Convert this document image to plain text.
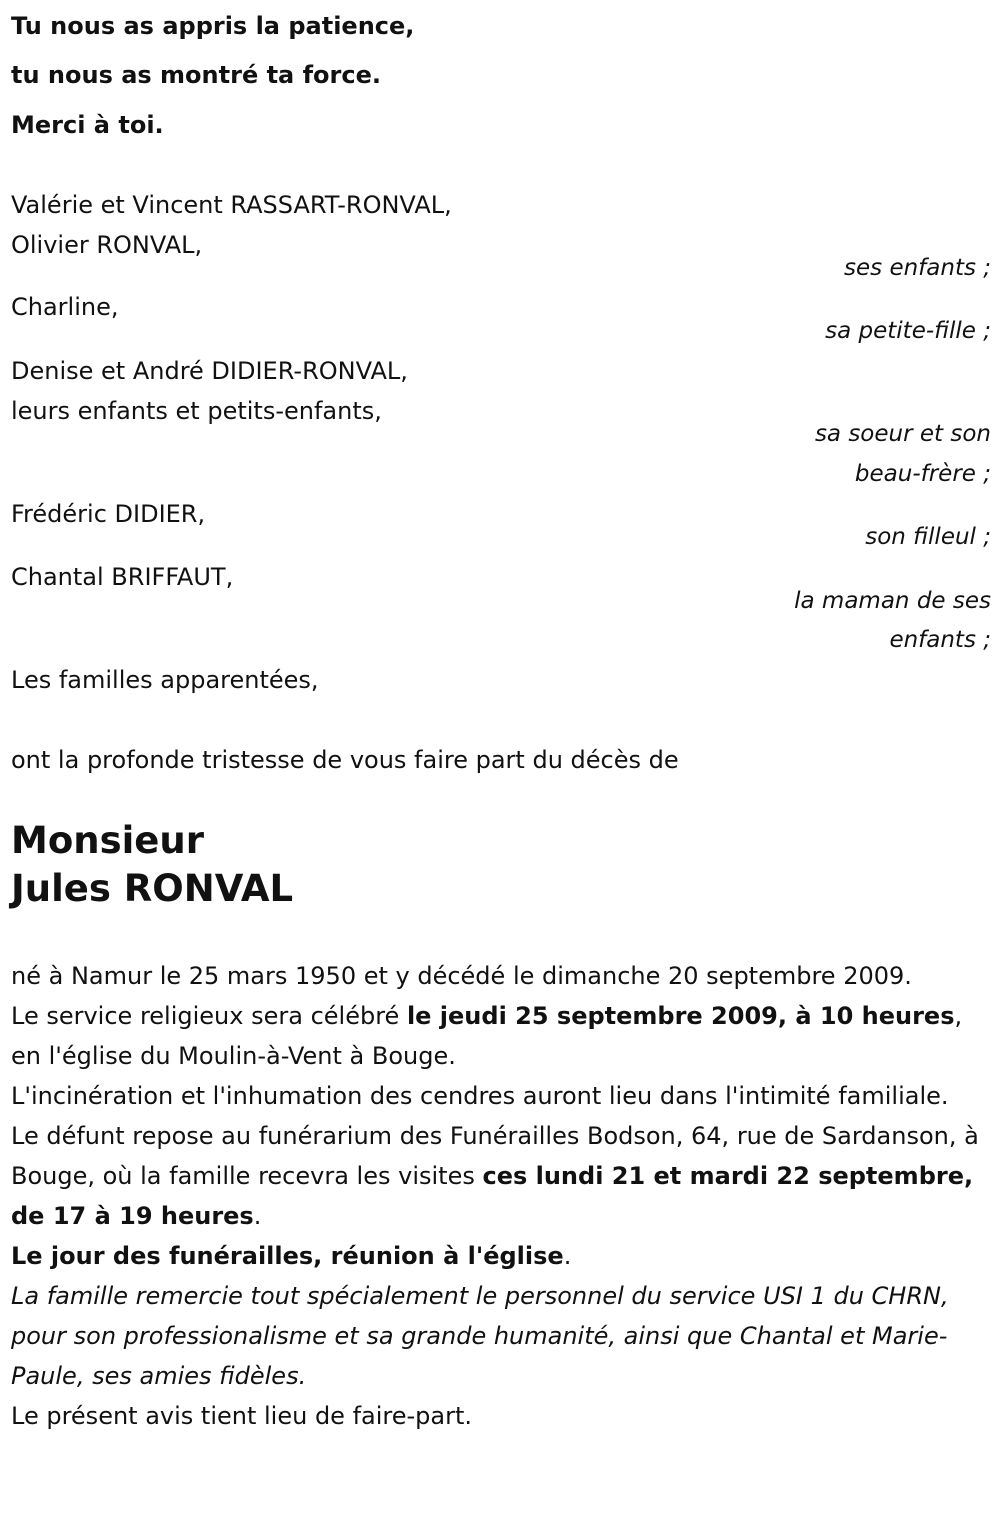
Tu nous as appris la patience,
tu nous as montré ta force.
Merci à toi.
Valérie et Vincent RASSART-RONVAL,
Olivier RONVAL,
ses enfants ;
Charline,
sa petite-fille ;
Denise et André DIDIER-RONVAL,
leurs enfants et petits-enfants,
sa soeur et son
beau-frère ;
Frédéric DIDIER,
son filleul ;
Chantal BRIFFAUT,
la maman de ses
enfants ;
Les familles apparentées,
ont la profonde tristesse de vous faire part du décès de
Monsieur
Jules RONVAL
né à Namur le 25 mars 1950 et y décédé le dimanche 20 septembre 2009.
Le service religieux sera célébré le jeudi 25 septembre 2009, à 10 heures, en l'église du Moulin-à-Vent à Bouge.
L'incinération et l'inhumation des cendres auront lieu dans l'intimité familiale.
Le défunt repose au funérarium des Funérailles Bodson, 64, rue de Sardanson, à Bouge, où la famille recevra les visites ces lundi 21 et mardi 22 septembre, de 17 à 19 heures.
Le jour des funérailles, réunion à l'église.
La famille remercie tout spécialement le personnel du service USI 1 du CHRN, pour son professionalisme et sa grande humanité, ainsi que Chantal et Marie-Paule, ses amies fidèles.
Le présent avis tient lieu de faire-part.
